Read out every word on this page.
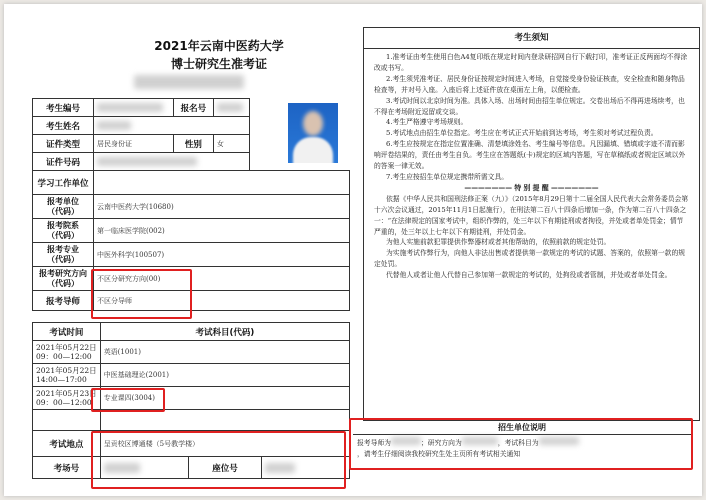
2021年云南中医药大学
博士研究生准考证
考生编号		报名号	

考生姓名				

证件类型	居民身份证	性别	女	
证件号码				

学习工作单位				
报考单位
（代码）	云南中医药大学(10680)			
报考院系
（代码）	第一临床医学院(002)			
报考专业
（代码）	中医外科学(100507)			
报考研究方向
（代码）	不区分研究方向(00)			
报考导师	不区分导师			
考试时间	考试科目(代码)		
2021年05月22日
09：00—12:00	英语(1001)		
2021年05月22日
14:00—17:00	中医基础理论(2001)		
2021年05月23日
09：00—12:00	专业课四(3004)		

考试地点	呈贡校区博通楼（5号教学楼）		
考场号		座位号	
考生须知

1.准考证由考生使用白色A4复印纸在规定时间内登录研招网自行下载打印，准考证正反两面均不得涂改或书写。

2.考生须凭准考证、居民身份证按规定时间进入考场，自觉接受身份验证核查，安全检查和随身物品检查等，并对号入座。入座后将上述证件放在桌面左上角，以便检查。

3.考试时间以北京时间为准。具体入场、出场时间由招生单位规定。交卷出场后不得再进场续考，也不得在考场附近逗留或交谈。

4.考生严格遵守考场规则。

5.考试地点由招生单位指定。考生应在考试正式开始前到达考场，考生须对考试过程负责。

6.考生应按规定在指定位置准确、清楚填涂姓名、考生编号等信息。凡因漏填、错填或字迹不清而影响评卷结果的，责任由考生自负。考生应在答题纸(卡)规定的区域内答题，写在草稿纸或者规定区域以外的答案一律无效。

7.考生应按招生单位规定携带所需文具。

——————— 特 别 提 醒 ———————

依据《中华人民共和国刑法修正案（九）》（2015年8月29日第十二届全国人民代表大会常务委员会第十六次会议通过，2015年11月1日起施行），在刑法第二百八十四条后增加一条，作为第二百八十四条之一：“在法律规定的国家考试中，组织作弊的，处三年以下有期徒刑或者拘役，并处或者单处罚金；情节严重的，处三年以上七年以下有期徒刑，并处罚金。

为他人实施前款犯罪提供作弊器材或者其他帮助的，依照前款的规定处罚。

为实施考试作弊行为，向他人非法出售或者提供第一款规定的考试的试题、答案的，依照第一款的规定处罚。

代替他人或者让他人代替自己参加第一款规定的考试的，处拘役或者管制，并处或者单处罚金。

招生单位说明
报考导师为	；研究方向为	，考试科目为
，请考生仔细阅读我校研究生处主页所有考试相关通知
